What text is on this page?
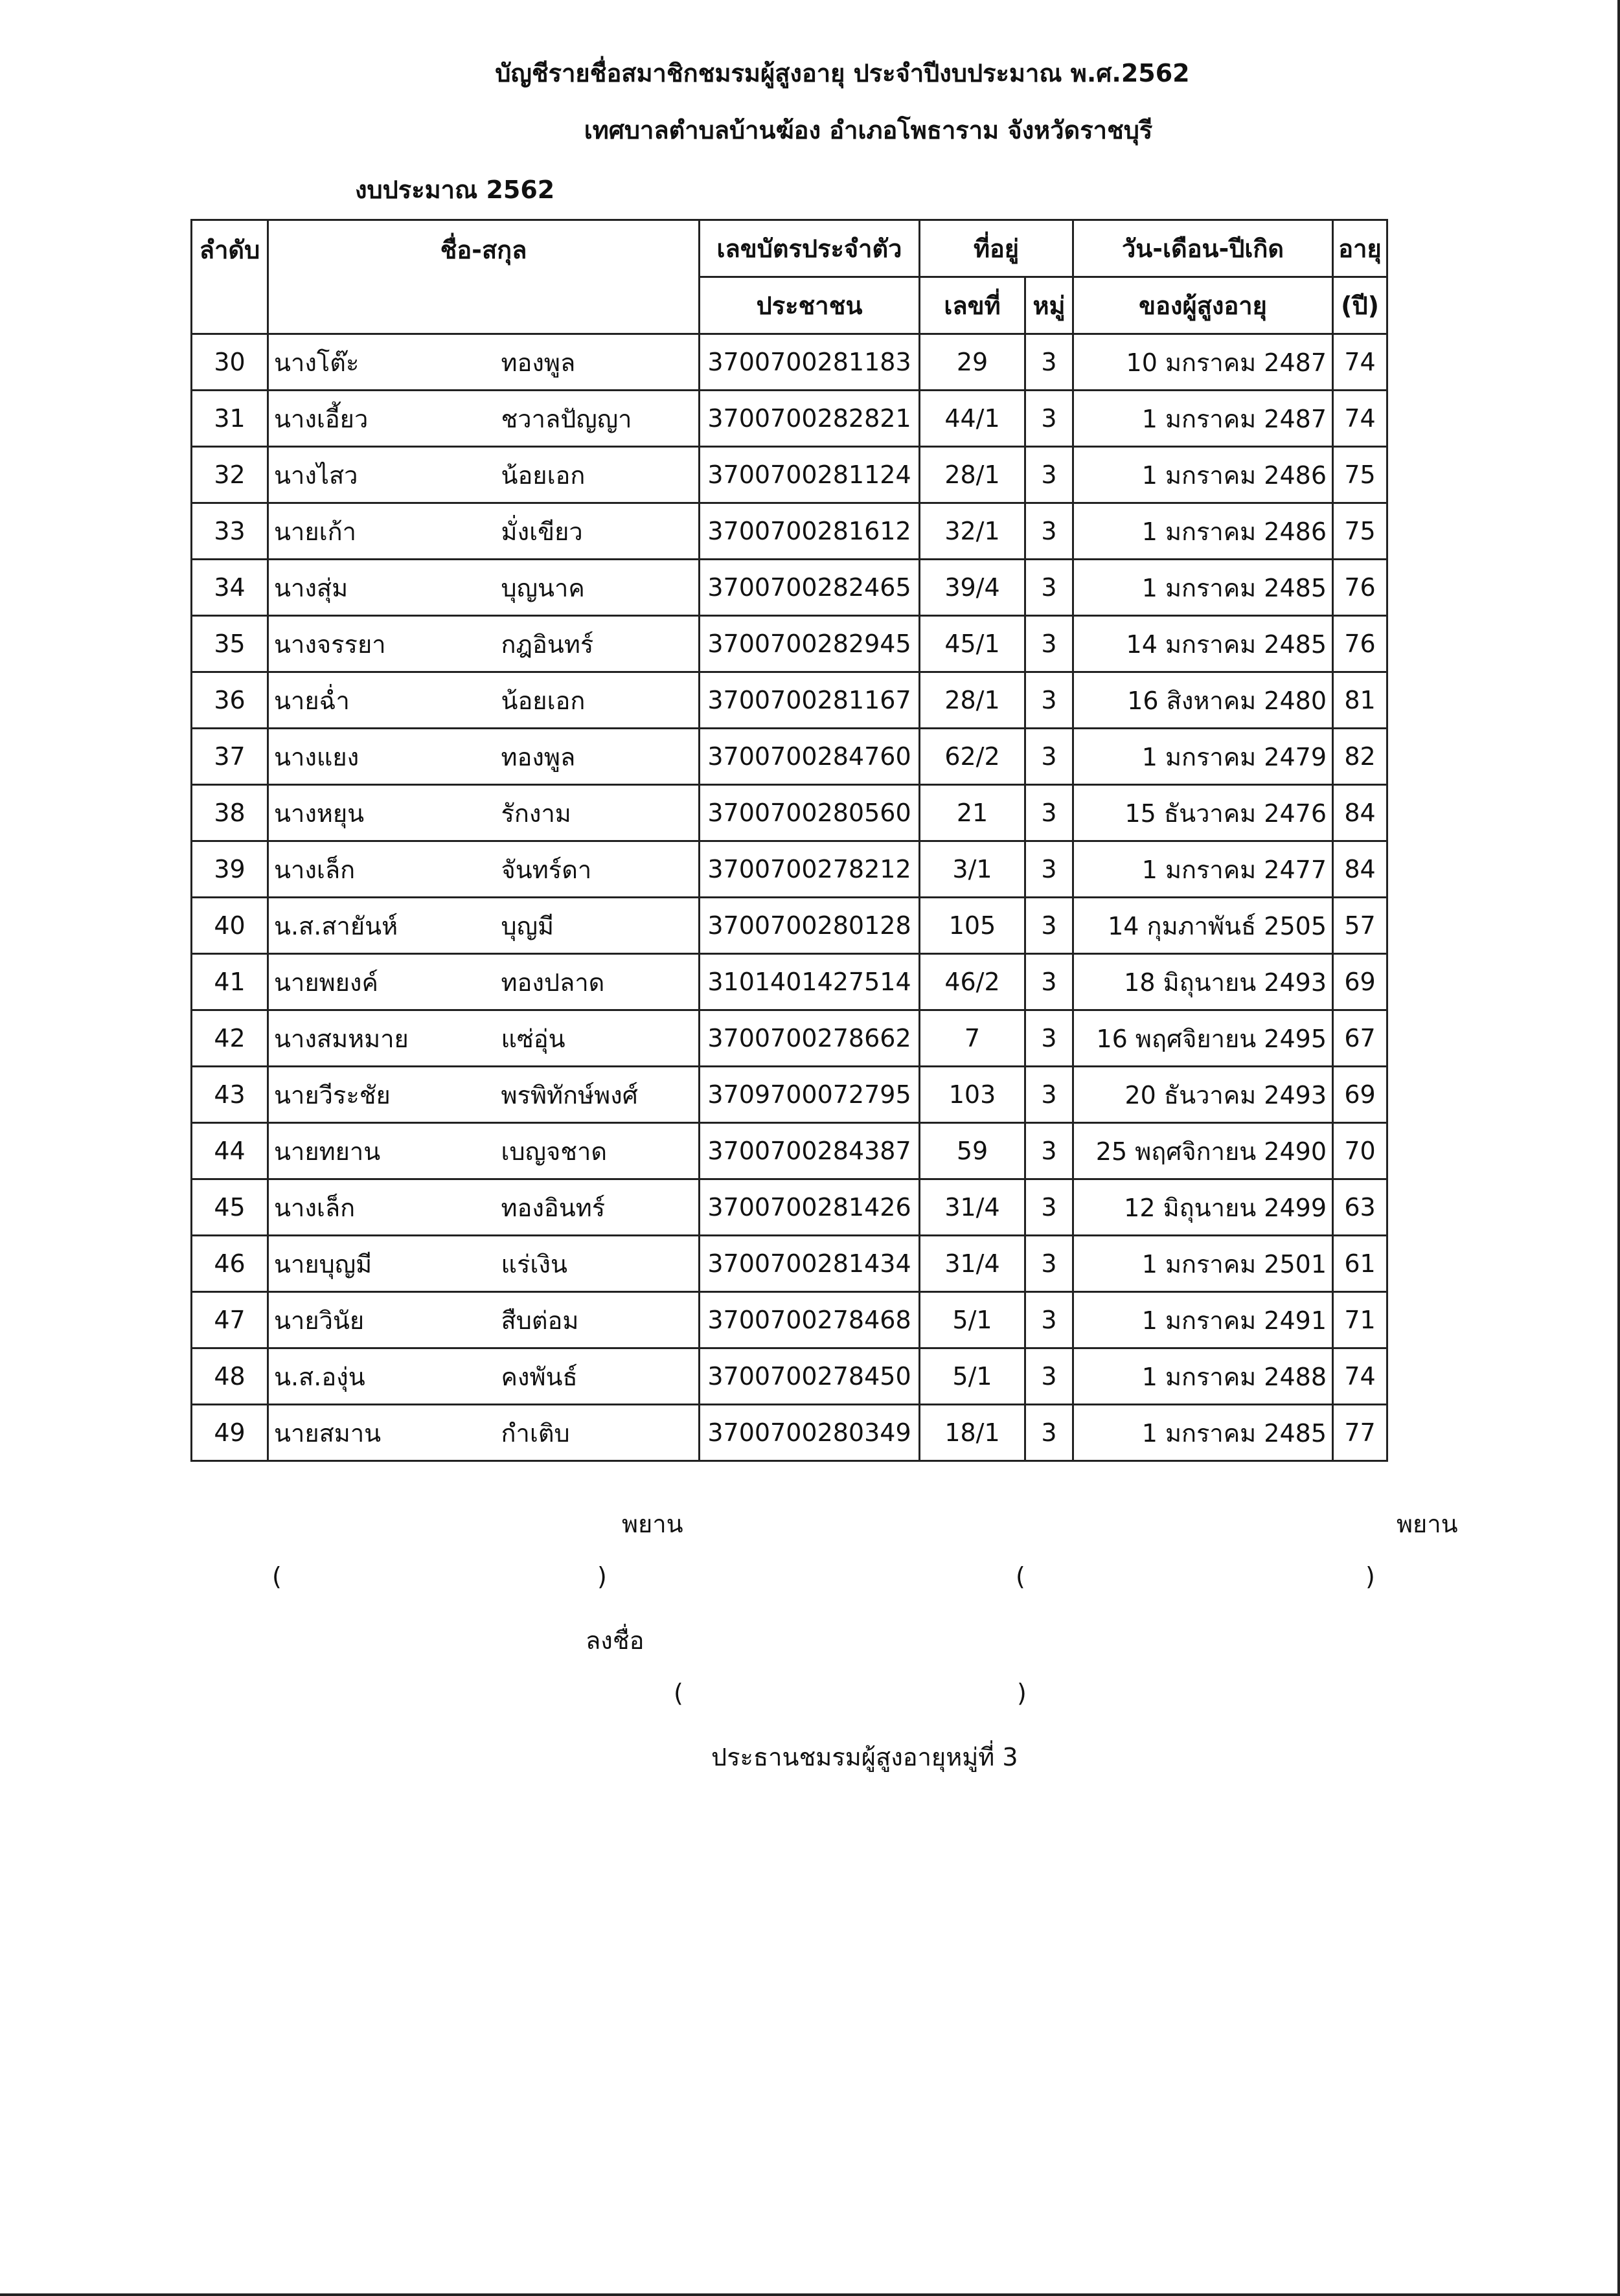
บัญชีรายชื่อสมาชิกชมรมผู้สูงอายุ ประจำปีงบประมาณ พ.ศ.2562
เทศบาลตำบลบ้านฆ้อง อำเภอโพธาราม จังหวัดราชบุรี
งบประมาณ 2562
ลำดับ	ชื่อ-สกุล		เลขบัตรประจำตัว	ที่อยู่		วัน-เดือน-ปีเกิด	อายุ
			ประชาชน	เลขที่	หมู่	ของผู้สูงอายุ	(ปี)
30	นางโต๊ะ	ทองพูล	3700700281183	29	3	10 มกราคม 2487	74
31	นางเอี้ยว	ชวาลปัญญา	3700700282821	44/1	3	1 มกราคม 2487	74
32	นางไสว	น้อยเอก	3700700281124	28/1	3	1 มกราคม 2486	75
33	นายเก้า	มั่งเขียว	3700700281612	32/1	3	1 มกราคม 2486	75
34	นางสุ่ม	บุญนาค	3700700282465	39/4	3	1 มกราคม 2485	76
35	นางจรรยา	กฎอินทร์	3700700282945	45/1	3	14 มกราคม 2485	76
36	นายฉ่ำ	น้อยเอก	3700700281167	28/1	3	16 สิงหาคม 2480	81
37	นางแยง	ทองพูล	3700700284760	62/2	3	1 มกราคม 2479	82
38	นางหยุน	รักงาม	3700700280560	21	3	15 ธันวาคม 2476	84
39	นางเล็ก	จันทร์ดา	3700700278212	3/1	3	1 มกราคม 2477	84
40	น.ส.สายันห์	บุญมี	3700700280128	105	3	14 กุมภาพันธ์ 2505	57
41	นายพยงค์	ทองปลาด	3101401427514	46/2	3	18 มิถุนายน 2493	69
42	นางสมหมาย	แซ่อุ่น	3700700278662	7	3	16 พฤศจิยายน 2495	67
43	นายวีระชัย	พรพิทักษ์พงศ์	3709700072795	103	3	20 ธันวาคม 2493	69
44	นายทยาน	เบญจชาด	3700700284387	59	3	25 พฤศจิกายน 2490	70
45	นางเล็ก	ทองอินทร์	3700700281426	31/4	3	12 มิถุนายน 2499	63
46	นายบุญมี	แร่เงิน	3700700281434	31/4	3	1 มกราคม 2501	61
47	นายวินัย	สืบต่อม	3700700278468	5/1	3	1 มกราคม 2491	71
48	น.ส.องุ่น	คงพันธ์	3700700278450	5/1	3	1 มกราคม 2488	74
49	นายสมาน	กำเติบ	3700700280349	18/1	3	1 มกราคม 2485	77
พยาน	พยาน
(	)	(	)
ลงชื่อ
(	)
ประธานชมรมผู้สูงอายุหมู่ที่ 3
